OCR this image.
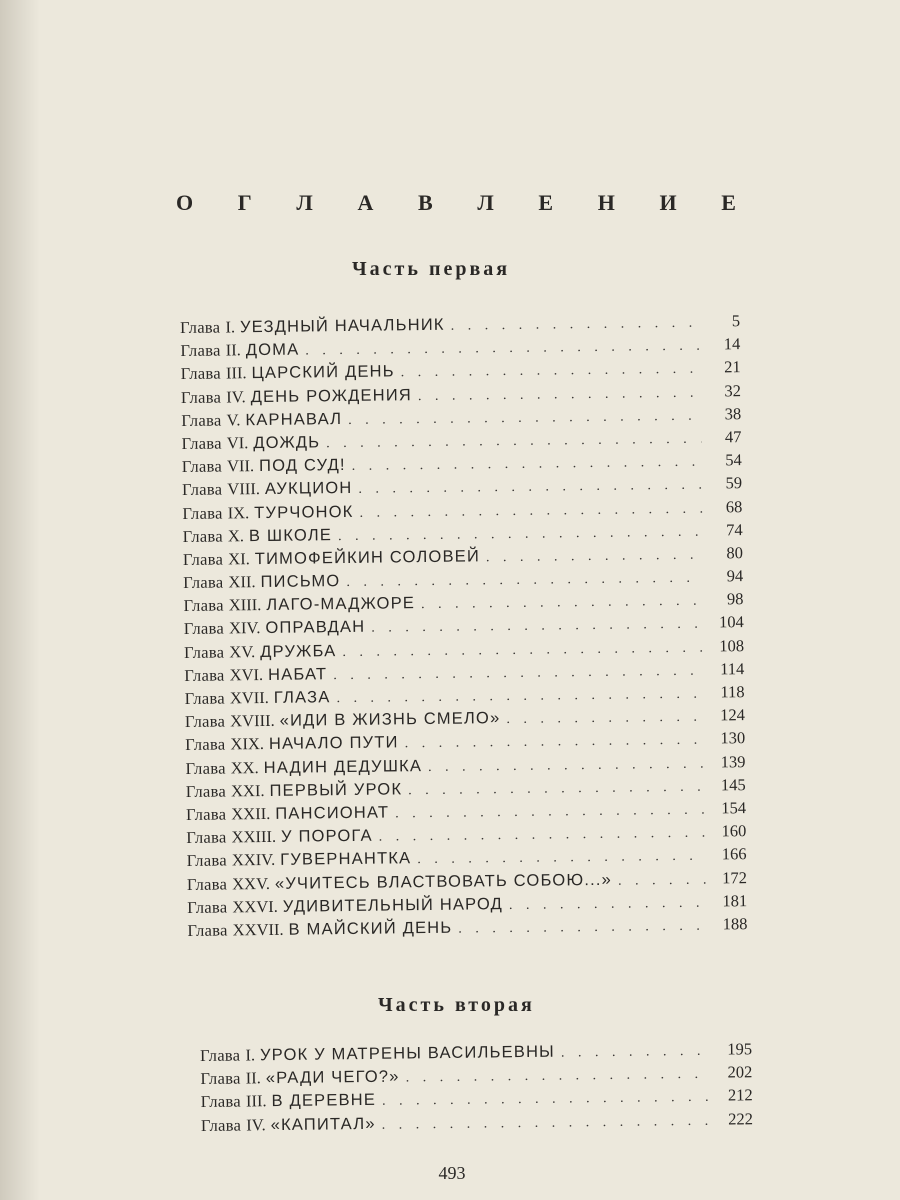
О Г Л А В Л Е Н И Е
Часть первая
Глава I. УЕЗДНЫЙ НАЧАЛЬНИК . . .	5
Глава II. ДОМА . . .	14
Глава III. ЦАРСКИЙ ДЕНЬ . . .	21
Глава IV. ДЕНЬ РОЖДЕНИЯ . . .	32
Глава V. КАРНАВАЛ . . .	38
Глава VI. ДОЖДЬ . . .	47
Глава VII. ПОД СУД! . . .	54
Глава VIII. АУКЦИОН . . .	59
Глава IX. ТУРЧОНОК . . .	68
Глава X. В ШКОЛЕ . . .	74
Глава XI. ТИМОФЕЙКИН СОЛОВЕЙ . . .	80
Глава XII. ПИСЬМО . . .	94
Глава XIII. ЛАГО-МАДЖОРЕ . . .	98
Глава XIV. ОПРАВДАН . . .	104
Глава XV. ДРУЖБА . . .	108
Глава XVI. НАБАТ . . .	114
Глава XVII. ГЛАЗА . . .	118
Глава XVIII. «ИДИ В ЖИЗНЬ СМЕЛО» . . .	124
Глава XIX. НАЧАЛО ПУТИ . . .	130
Глава XX. НАДИН ДЕДУШКА . . .	139
Глава XXI. ПЕРВЫЙ УРОК . . .	145
Глава XXII. ПАНСИОНАТ . . .	154
Глава XXIII. У ПОРОГА . . .	160
Глава XXIV. ГУВЕРНАНТКА . . .	166
Глава XXV. «УЧИТЕСЬ ВЛАСТВОВАТЬ СОБОЮ...» . . .	172
Глава XXVI. УДИВИТЕЛЬНЫЙ НАРОД . . .	181
Глава XXVII. В МАЙСКИЙ ДЕНЬ . . .	188
Часть вторая
Глава I. УРОК У МАТРЕНЫ ВАСИЛЬЕВНЫ . . .	195
Глава II. «РАДИ ЧЕГО?» . . .	202
Глава III. В ДЕРЕВНЕ . . .	212
Глава IV. «КАПИТАЛ» . . .	222
493
